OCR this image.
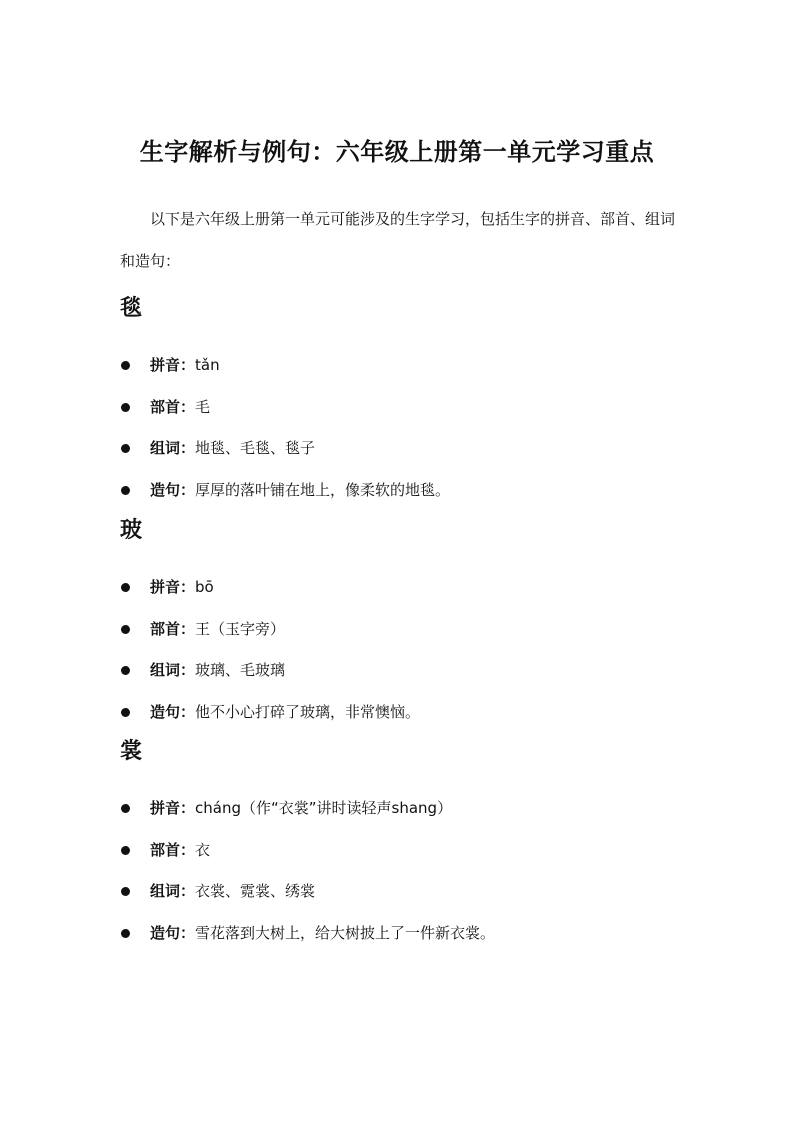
生字解析与例句：六年级上册第一单元学习重点

以下是六年级上册第一单元可能涉及的生字学习，包括生字的拼音、部首、组词和造句：

毯
拼音：tǎn
部首：毛
组词：地毯、毛毯、毯子
造句：厚厚的落叶铺在地上，像柔软的地毯。
玻
拼音：bō
部首：王（玉字旁）
组词：玻璃、毛玻璃
造句：他不小心打碎了玻璃，非常懊恼。
裳
拼音：cháng（作“衣裳”讲时读轻声shang）
部首：衣
组词：衣裳、霓裳、绣裳
造句：雪花落到大树上，给大树披上了一件新衣裳。
